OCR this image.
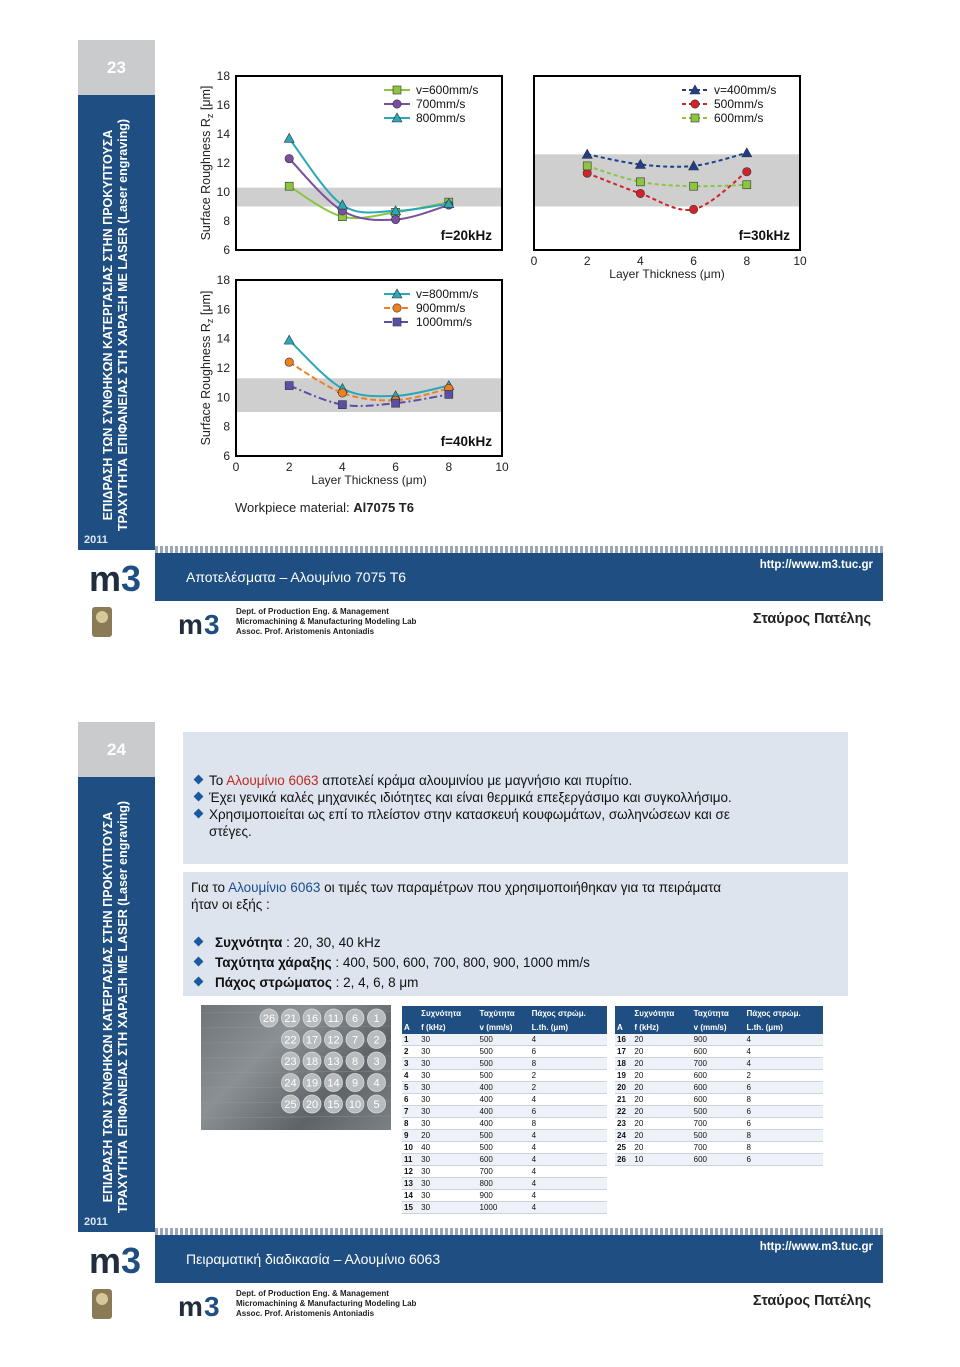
23
ΕΠΙΔΡΑΣΗ ΤΩΝ ΣΥΝΘΗΚΩΝ ΚΑΤΕΡΓΑΣΙΑΣ ΣΤΗΝ ΠΡΟΚΥΠΤΟΥΣΑ ΤΡΑΧΥΤΗΤΑ ΕΠΙΦΑΝΕΙΑΣ ΣΤΗ ΧΑΡΑΞΗ ΜΕ LASER (Laser engraving)
2011
6
8
10
12
14
16
18
Surface Roughness $R_z$ [μm]
f=20kHz
v=600mm/s
700mm/s
800mm/s
0	2	4	6	8	10
Layer Thickness (μm)
f=30kHz
v=400mm/s
500mm/s
600mm/s
6
8
10
12
14
16
18
0	2	4	6	8	10
Layer Thickness (μm)
Surface Roughness $R_z$ [μm]
f=40kHz
v=800mm/s
900mm/s
1000mm/s
Workpiece material: Al7075 T6
m 3	Αποτελέσματα – Αλουμίνιο 7075 Τ6
http://www.m3.tuc.gr
m 3 Dept. of Production Eng. & Management
Micromachining & Manufacturing Modeling Lab
Assoc. Prof. Aristomenis Antoniadis
Σταύρος Πατέλης
24
ΕΠΙΔΡΑΣΗ ΤΩΝ ΣΥΝΘΗΚΩΝ ΚΑΤΕΡΓΑΣΙΑΣ ΣΤΗΝ ΠΡΟΚΥΠΤΟΥΣΑ ΤΡΑΧΥΤΗΤΑ ΕΠΙΦΑΝΕΙΑΣ ΣΤΗ ΧΑΡΑΞΗ ΜΕ LASER (Laser engraving)
2011
Το Αλουμίνιο 6063 αποτελεί κράμα αλουμινίου με μαγνήσιο και πυρίτιο.
Έχει γενικά καλές μηχανικές ιδιότητες και είναι θερμικά επεξεργάσιμο και συγκολλήσιμο.
Χρησιμοποιείται ως επί το πλείστον στην κατασκευή κουφωμάτων, σωληνώσεων και σε
στέγες.
Για το Αλουμίνιο 6063 οι τιμές των παραμέτρων που χρησιμοποιήθηκαν για τα πειράματα
ήταν οι εξής :
Συχνότητα : 20, 30, 40 kHz
Ταχύτητα χάραξης : 400, 500, 600, 700, 800, 900, 1000 mm/s
Πάχος στρώματος : 2, 4, 6, 8 μm
26 21 16 11 6 1
22 17 12 7 2
23 18 13 8 3
24 19 14 9 4
25 20 15 10 5
	Συχνότητα	Ταχύτητα	Πάχος στρώμ.
A	f (kHz)	v (mm/s)	L.th. (μm)
1	30	500	4
2	30	500	6
3	30	500	8
4	30	500	2
5	30	400	2
6	30	400	4
7	30	400	6
8	30	400	8
9	20	500	4
10	40	500	4
11	30	600	4
12	30	700	4
13	30	800	4
14	30	900	4
15	30	1000	4
	Συχνότητα	Ταχύτητα	Πάχος στρώμ.
A	f (kHz)	v (mm/s)	L.th. (μm)
16	20	900	4
17	20	600	4
18	20	700	4
19	20	600	2
20	20	600	6
21	20	600	8
22	20	500	6
23	20	700	6
24	20	500	8
25	20	700	8
26	10	600	6
m 3	Πειραματική διαδικασία – Αλουμίνιο 6063
http://www.m3.tuc.gr
m 3 Dept. of Production Eng. & Management
Micromachining & Manufacturing Modeling Lab
Assoc. Prof. Aristomenis Antoniadis
Σταύρος Πατέλης
